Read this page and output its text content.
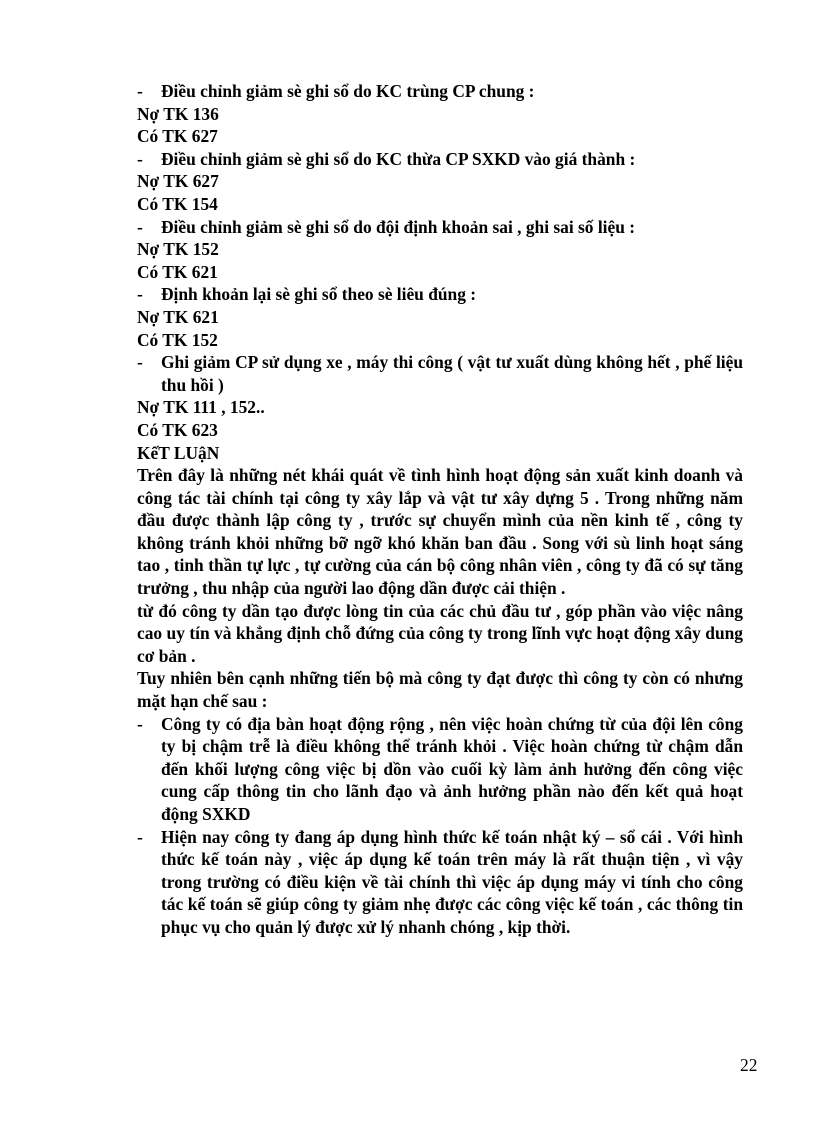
-	Điều chỉnh giảm sè ghi sổ do KC trùng CP chung :
Nợ TK 136
Có TK 627
-	Điều chỉnh giảm sè ghi sổ do KC thừa CP SXKD vào giá thành :
Nợ TK 627
Có TK 154
-	Điều chỉnh giảm sè ghi sổ do đội định khoản sai , ghi sai số liệu :
Nợ TK 152
Có TK 621
-	Định khoản lại sè ghi sổ theo sè liêu đúng :
Nợ TK 621
Có TK 152
-	Ghi giảm CP sử dụng xe , máy thi công ( vật tư xuất dùng không hết , phế liệu thu hồi )
Nợ TK 111 , 152..
Có TK 623
KếT LUậN
Trên đây là những nét khái quát về tình hình hoạt động sản xuất kinh doanh và công tác tài chính tại công ty xây lắp và vật tư xây dựng 5 . Trong những năm đầu được thành lập công ty , trước sự chuyển mình của nền kinh tế , công ty không tránh khỏi những bỡ ngỡ khó khăn ban đầu . Song với sù linh hoạt sáng tao , tinh thần tự lực , tự cường của cán bộ công nhân viên , công ty đã có sự tăng trưởng , thu nhập của người lao động dần được cải thiện .
từ đó công ty dần tạo được lòng tin của các chủ đầu tư , góp phần vào việc nâng cao uy tín và khẳng định chỗ đứng của công ty trong lĩnh vực hoạt động xây dung cơ bản .
Tuy nhiên bên cạnh những tiến bộ mà công ty đạt được thì công ty còn có nhưng mặt hạn chế sau :
-	Công ty có địa bàn hoạt động rộng , nên việc hoàn chứng từ của đội lên công ty bị chậm trễ là điều không thể tránh khỏi . Việc hoàn chứng từ chậm dẫn đến khối lượng công việc bị dồn vào cuối kỳ làm ảnh hưởng đến công việc cung cấp thông tin cho lãnh đạo và ảnh hưởng phần nào đến kết quả hoạt động SXKD
-	Hiện nay công ty đang áp dụng hình thức kế toán nhật ký – sổ cái . Với hình thức kế toán này , việc áp dụng kế toán trên máy là rất thuận tiện , vì vậy trong trường có điều kiện về tài chính thì việc áp dụng máy vi tính cho công tác kế toán sẽ giúp công ty giảm nhẹ được các công việc kế toán , các thông tin phục vụ cho quản lý được xử lý nhanh chóng , kịp thời.
22
